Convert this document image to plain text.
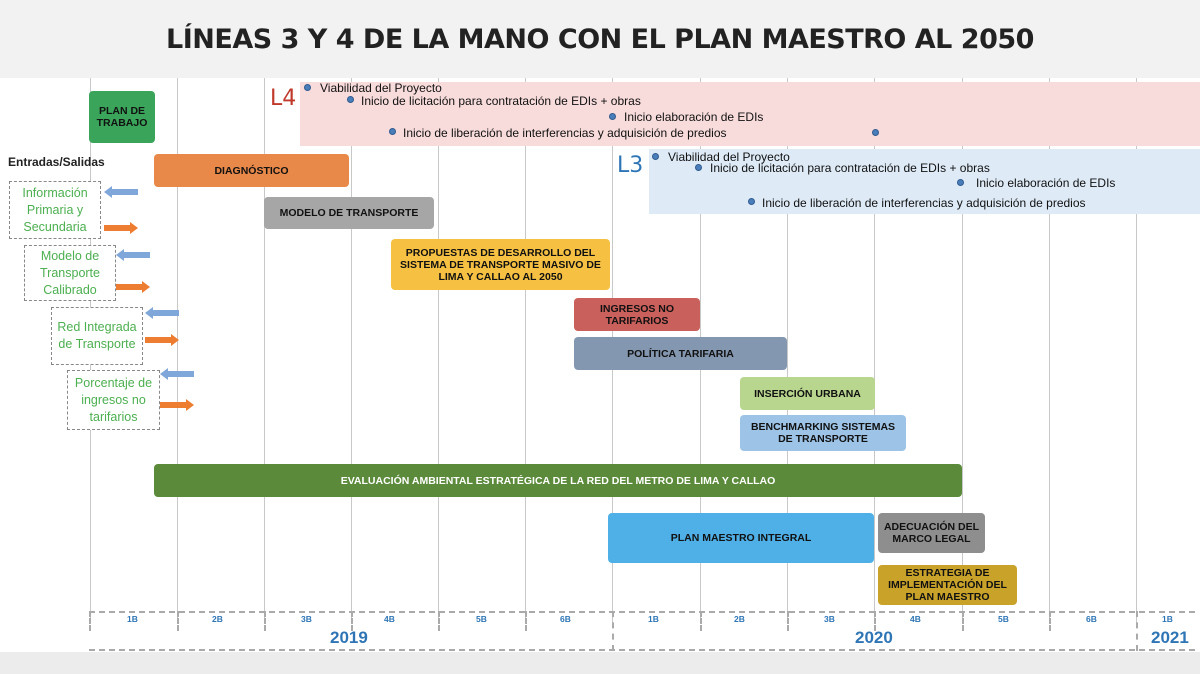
LÍNEAS 3 Y 4 DE LA MANO CON EL PLAN MAESTRO AL 2050
L4 Viabilidad del Proyecto
Inicio de licitación para contratación de EDIs + obras
Inicio elaboración de EDIs
Inicio de liberación de interferencias y adquisición de predios
L3 Viabilidad del Proyecto
Inicio de licitación para contratación de EDIs + obras
Inicio elaboración de EDIs
Inicio de liberación de interferencias y adquisición de predios
Entradas/Salidas
Información Primaria y Secundaria
Modelo de Transporte Calibrado
Red Integrada de Transporte
Porcentaje de ingresos no tarifarios
PLAN DE TRABAJO
DIAGNÓSTICO
MODELO DE TRANSPORTE
PROPUESTAS DE DESARROLLO DEL SISTEMA DE TRANSPORTE MASIVO DE LIMA Y CALLAO AL 2050
INGRESOS NO TARIFARIOS
POLÍTICA TARIFARIA
INSERCIÓN URBANA
BENCHMARKING SISTEMAS DE TRANSPORTE
EVALUACIÓN AMBIENTAL ESTRATÉGICA DE LA RED DEL METRO DE LIMA Y CALLAO
PLAN MAESTRO INTEGRAL
ADECUACIÓN DEL MARCO LEGAL
ESTRATEGIA DE IMPLEMENTACIÓN DEL PLAN MAESTRO
1B	2B	3B	4B	5B	6B	1B	2B	3B	4B	5B	6B	1B
2019	2020	2021
